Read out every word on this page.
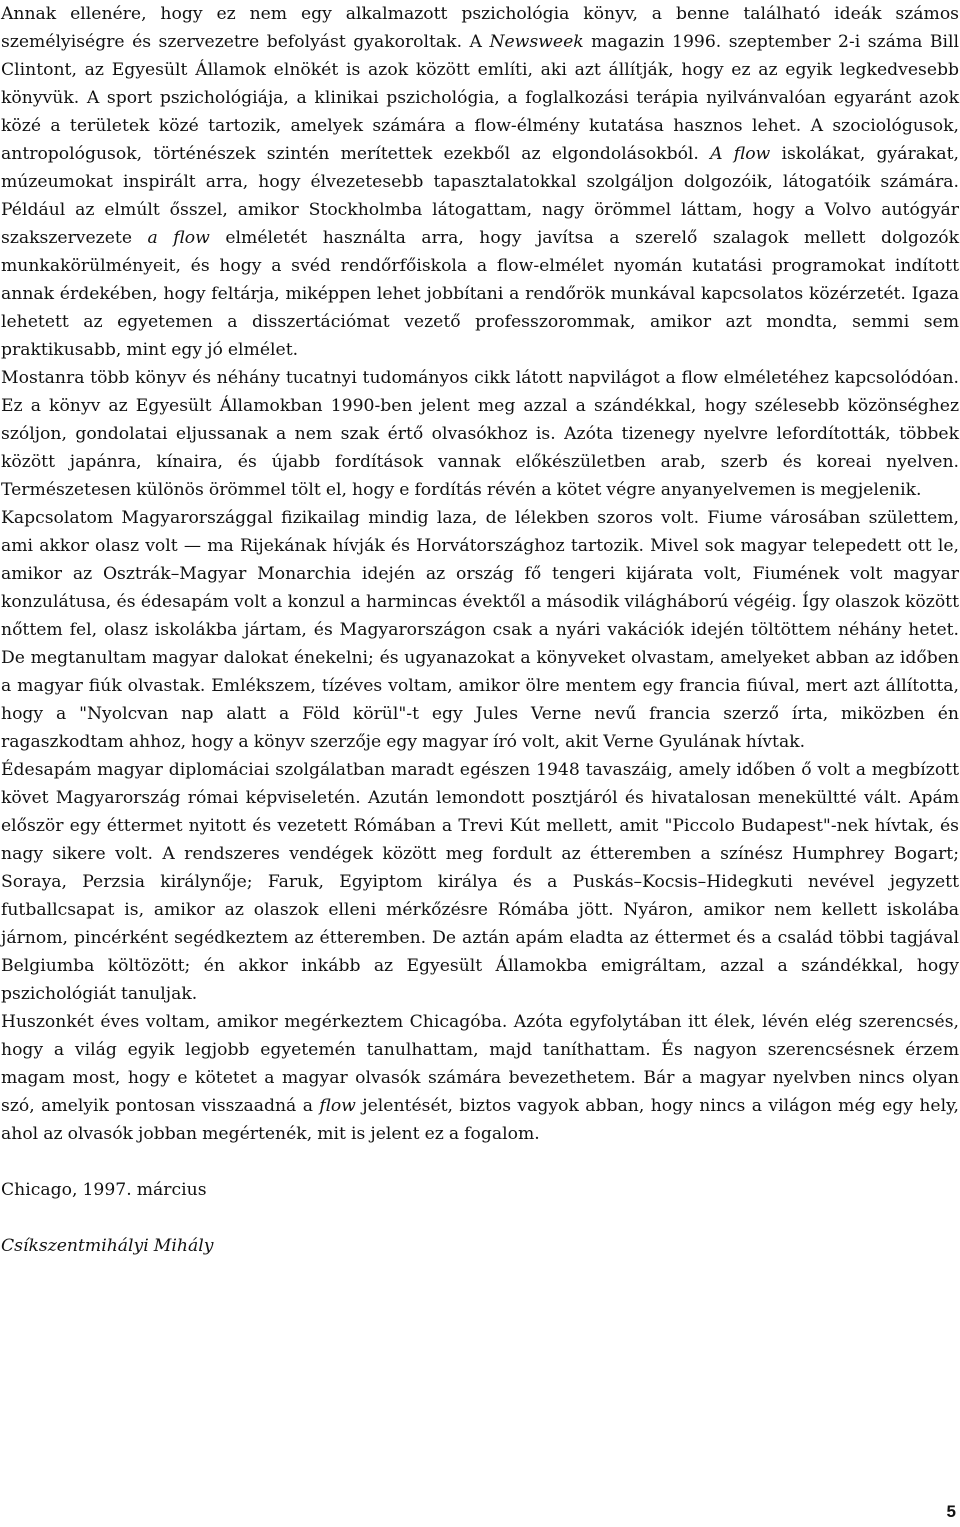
Annak ellenére, hogy ez nem egy alkalmazott pszichológia könyv, a benne található ideák számos személyiségre és szervezetre befolyást gyakoroltak. A Newsweek magazin 1996. szeptember 2-i száma Bill Clintont, az Egyesült Államok elnökét is azok között említi, aki azt állítják, hogy ez az egyik legkedvesebb könyvük. A sport pszichológiája, a klinikai pszichológia, a foglalkozási terápia nyilvánvalóan egyaránt azok közé a területek közé tartozik, amelyek számára a flow-élmény kutatása hasznos lehet. A szociológusok, antropológusok, történészek szintén merítettek ezekből az elgondolásokból. A flow iskolákat, gyárakat, múzeumokat inspirált arra, hogy élvezetesebb tapasztalatokkal szolgáljon dolgozóik, látogatóik számára. Például az elmúlt ősszel, amikor Stockholmba látogattam, nagy örömmel láttam, hogy a Volvo autógyár szakszervezete a flow elméletét használta arra, hogy javítsa a szerelő szalagok mellett dolgozók munkakörülményeit, és hogy a svéd rendőrfőiskola a flow-elmélet nyomán kutatási programokat indított annak érdekében, hogy feltárja, miképpen lehet jobbítani a rendőrök munkával kapcsolatos közérzetét. Igaza lehetett az egyetemen a disszertációmat vezető professzorommak, amikor azt mondta, semmi sem praktikusabb, mint egy jó elmélet.

Mostanra több könyv és néhány tucatnyi tudományos cikk látott napvilágot a flow elméletéhez kapcsolódóan. Ez a könyv az Egyesült Államokban 1990-ben jelent meg azzal a szándékkal, hogy szélesebb közönséghez szóljon, gondolatai eljussanak a nem szak értő olvasókhoz is. Azóta tizenegy nyelvre lefordították, többek között japánra, kínaira, és újabb fordítások vannak előkészületben arab, szerb és koreai nyelven. Természetesen különös örömmel tölt el, hogy e fordítás révén a kötet végre anyanyelvemen is megjelenik.

Kapcsolatom Magyarországgal fizikailag mindig laza, de lélekben szoros volt. Fiume városában születtem, ami akkor olasz volt — ma Rijekának hívják és Horvátországhoz tartozik. Mivel sok magyar telepedett ott le, amikor az Osztrák–Magyar Monarchia idején az ország fő tengeri kijárata volt, Fiumének volt magyar konzulátusa, és édesapám volt a konzul a harmincas évektől a második világháború végéig. Így olaszok között nőttem fel, olasz iskolákba jártam, és Magyarországon csak a nyári vakációk idején töltöttem néhány hetet. De megtanultam magyar dalokat énekelni; és ugyanazokat a könyveket olvastam, amelyeket abban az időben a magyar fiúk olvastak. Emlékszem, tízéves voltam, amikor ölre mentem egy francia fiúval, mert azt állította, hogy a "Nyolcvan nap alatt a Föld körül"-t egy Jules Verne nevű francia szerző írta, miközben én ragaszkodtam ahhoz, hogy a könyv szerzője egy magyar író volt, akit Verne Gyulának hívtak.

Édesapám magyar diplomáciai szolgálatban maradt egészen 1948 tavaszáig, amely időben ő volt a megbízott követ Magyarország római képviseletén. Azután lemondott posztjáról és hivatalosan menekültté vált. Apám először egy éttermet nyitott és vezetett Rómában a Trevi Kút mellett, amit "Piccolo Budapest"-nek hívtak, és nagy sikere volt. A rendszeres vendégek között meg fordult az étteremben a színész Humphrey Bogart; Soraya, Perzsia királynője; Faruk, Egyiptom királya és a Puskás–Kocsis–Hidegkuti nevével jegyzett futballcsapat is, amikor az olaszok elleni mérkőzésre Rómába jött. Nyáron, amikor nem kellett iskolába járnom, pincérként segédkeztem az étteremben. De aztán apám eladta az éttermet és a család többi tagjával Belgiumba költözött; én akkor inkább az Egyesült Államokba emigráltam, azzal a szándékkal, hogy pszichológiát tanuljak.

Huszonkét éves voltam, amikor megérkeztem Chicagóba. Azóta egyfolytában itt élek, lévén elég szerencsés, hogy a világ egyik legjobb egyetemén tanulhattam, majd taníthattam. És nagyon szerencsésnek érzem magam most, hogy e kötetet a magyar olvasók számára bevezethetem. Bár a magyar nyelvben nincs olyan szó, amelyik pontosan visszaadná a flow jelentését, biztos vagyok abban, hogy nincs a világon még egy hely, ahol az olvasók jobban megértenék, mit is jelent ez a fogalom.

Chicago, 1997. március

Csíkszentmihályi Mihály

5
